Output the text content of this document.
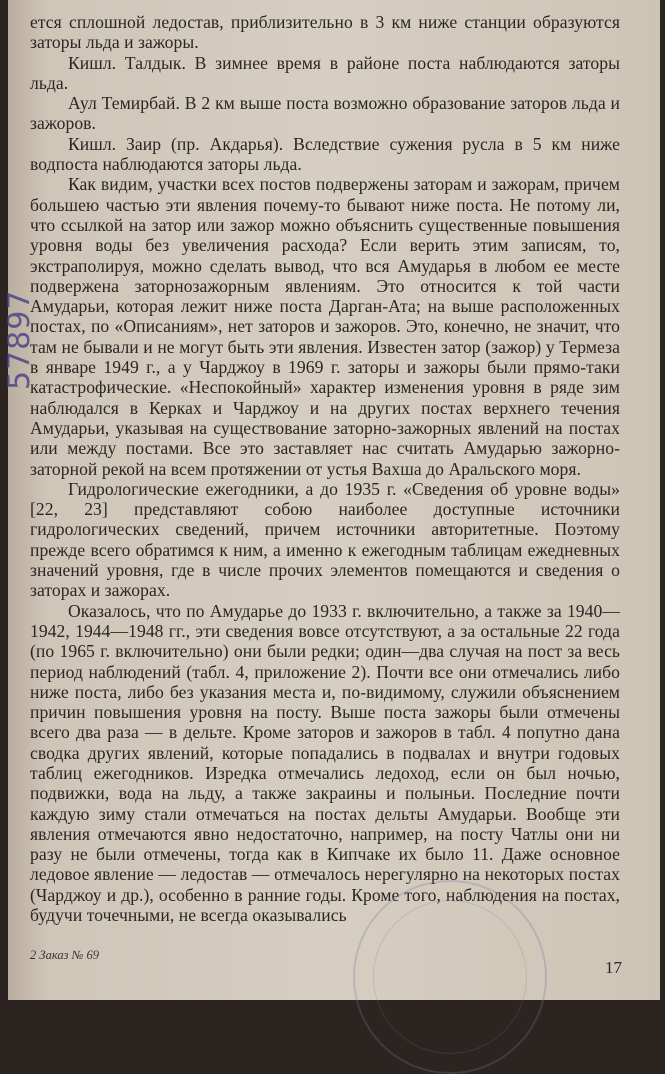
57897

ется сплошной ледостав, приблизительно в 3 км ниже станции образуются заторы льда и зажоры.

Кишл. Талдык. В зимнее время в районе поста наблюдаются заторы льда.

Аул Темирбай. В 2 км выше поста возможно образование заторов льда и зажоров.

Кишл. Заир (пр. Акдарья). Вследствие сужения русла в 5 км ниже водпоста наблюдаются заторы льда.

Как видим, участки всех постов подвержены заторам и зажорам, причем большею частью эти явления почему-то бывают ниже поста. Не потому ли, что ссылкой на затор или зажор можно объяснить существенные повышения уровня воды без увеличения расхода? Если верить этим записям, то, экстраполируя, можно сделать вывод, что вся Амударья в любом ее месте подвержена заторнозажорным явлениям. Это относится к той части Амударьи, которая лежит ниже поста Дарган-Ата; на выше расположенных постах, по «Описаниям», нет заторов и зажоров. Это, конечно, не значит, что там не бывали и не могут быть эти явления. Известен затор (зажор) у Термеза в январе 1949 г., а у Чарджоу в 1969 г. заторы и зажоры были прямо-таки катастрофические. «Неспокойный» характер изменения уровня в ряде зим наблюдался в Керках и Чарджоу и на других постах верхнего течения Амударьи, указывая на существование заторно-зажорных явлений на постах или между постами. Все это заставляет нас считать Амударью зажорно-заторной рекой на всем протяжении от устья Вахша до Аральского моря.

Гидрологические ежегодники, а до 1935 г. «Сведения об уровне воды» [22, 23] представляют собою наиболее доступные источники гидрологических сведений, причем источники авторитетные. Поэтому прежде всего обратимся к ним, а именно к ежегодным таблицам ежедневных значений уровня, где в числе прочих элементов помещаются и сведения о заторах и зажорах.

Оказалось, что по Амударье до 1933 г. включительно, а также за 1940—1942, 1944—1948 гг., эти сведения вовсе отсутствуют, а за остальные 22 года (по 1965 г. включительно) они были редки; один—два случая на пост за весь период наблюдений (табл. 4, приложение 2). Почти все они отмечались либо ниже поста, либо без указания места и, по-видимому, служили объяснением причин повышения уровня на посту. Выше поста зажоры были отмечены всего два раза — в дельте. Кроме заторов и зажоров в табл. 4 попутно дана сводка других явлений, которые попадались в подвалах и внутри годовых таблиц ежегодников. Изредка отмечались ледоход, если он был ночью, подвижки, вода на льду, а также закраины и полыньи. Последние почти каждую зиму стали отмечаться на постах дельты Амударьи. Вообще эти явления отмечаются явно недостаточно, например, на посту Чатлы они ни разу не были отмечены, тогда как в Кипчаке их было 11. Даже основное ледовое явление — ледостав — отмечалось нерегулярно на некоторых постах (Чарджоу и др.), особенно в ранние годы. Кроме того, наблюдения на постах, будучи точечными, не всегда оказывались

2 Заказ № 69
17
